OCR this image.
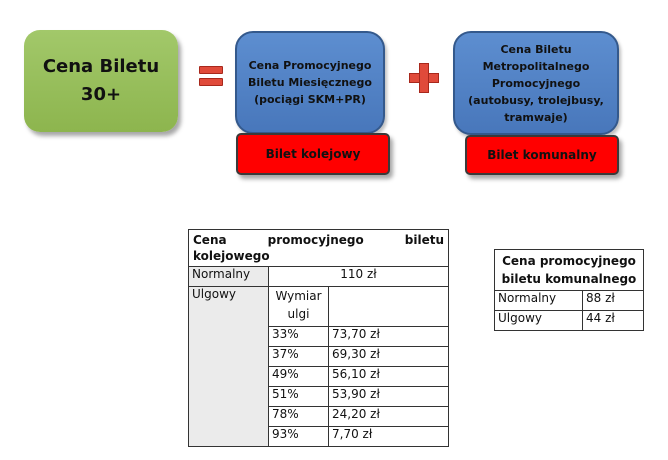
Cena Biletu
30+
Cena Promocyjnego
Biletu Miesięcznego
(pociągi SKM+PR)
Bilet kolejowy
Cena Biletu
Metropolitalnego
Promocyjnego
(autobusy, trolejbusy,
tramwaje)
Bilet komunalny
Cena promocyjnego biletu
kolejowego		

Normalny	110 zł	
Ulgowy	Wymiar ulgi	
	33%	73,70 zł
	37%	69,30 zł
	49%	56,10 zł
	51%	53,90 zł
	78%	24,20 zł
	93%	7,70 zł
Cena promocyjnego
biletu komunalnego	

Normalny	88 zł
Ulgowy	44 zł
